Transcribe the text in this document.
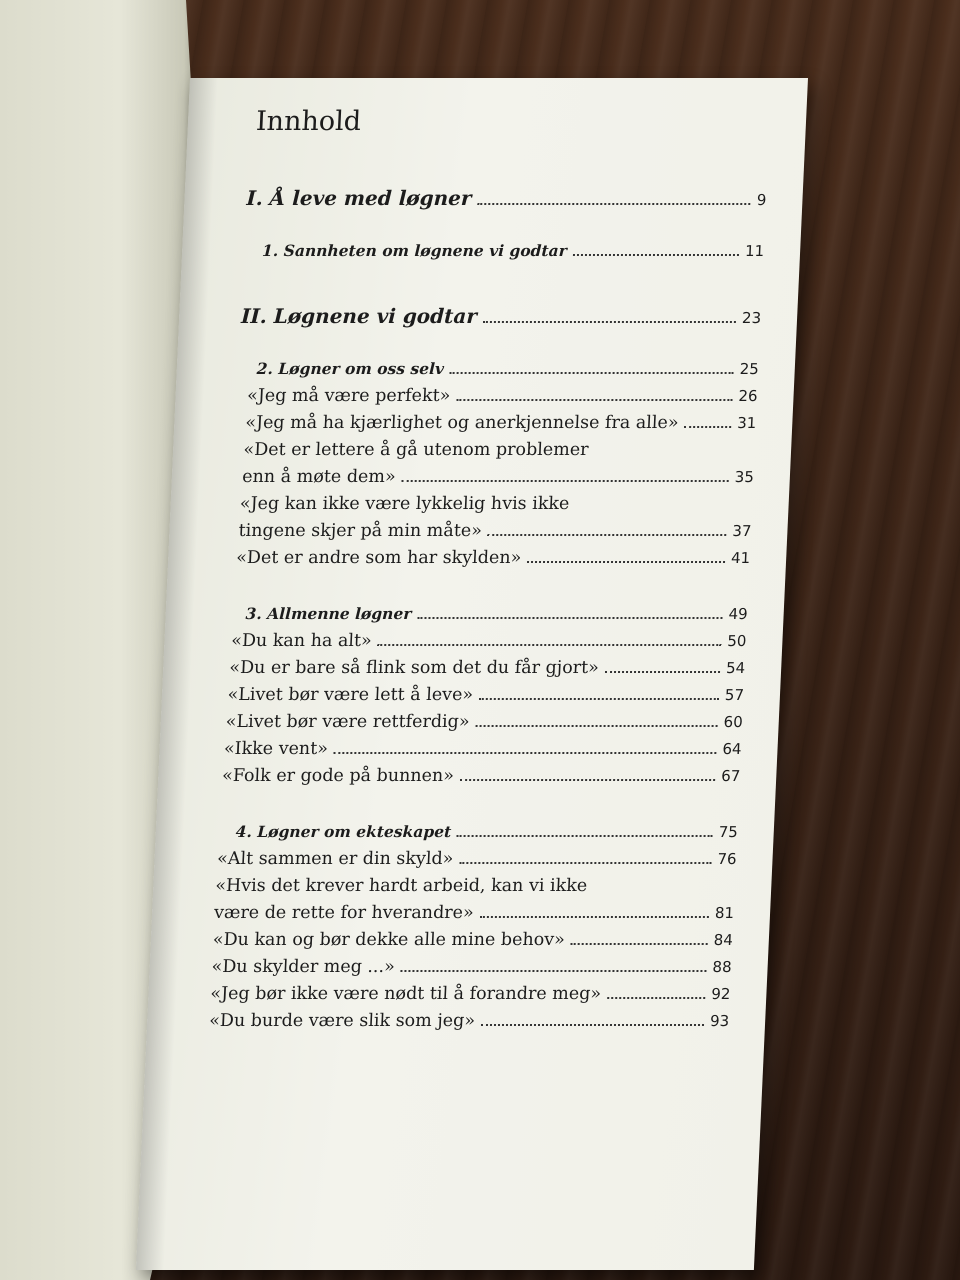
Innhold
I. Å leve med løgner	9
1. Sannheten om løgnene vi godtar	11
II. Løgnene vi godtar	23
2. Løgner om oss selv	25
«Jeg må være perfekt»	26
«Jeg må ha kjærlighet og anerkjennelse fra alle»	31
«Det er lettere å gå utenom problemer
enn å møte dem»	35
«Jeg kan ikke være lykkelig hvis ikke
tingene skjer på min måte»	37
«Det er andre som har skylden»	41
3. Allmenne løgner	49
«Du kan ha alt»	50
«Du er bare så flink som det du får gjort»	54
«Livet bør være lett å leve»	57
«Livet bør være rettferdig»	60
«Ikke vent»	64
«Folk er gode på bunnen»	67
4. Løgner om ekteskapet	75
«Alt sammen er din skyld»	76
«Hvis det krever hardt arbeid, kan vi ikke
være de rette for hverandre»	81
«Du kan og bør dekke alle mine behov»	84
«Du skylder meg ...»	88
«Jeg bør ikke være nødt til å forandre meg»	92
«Du burde være slik som jeg»	93
